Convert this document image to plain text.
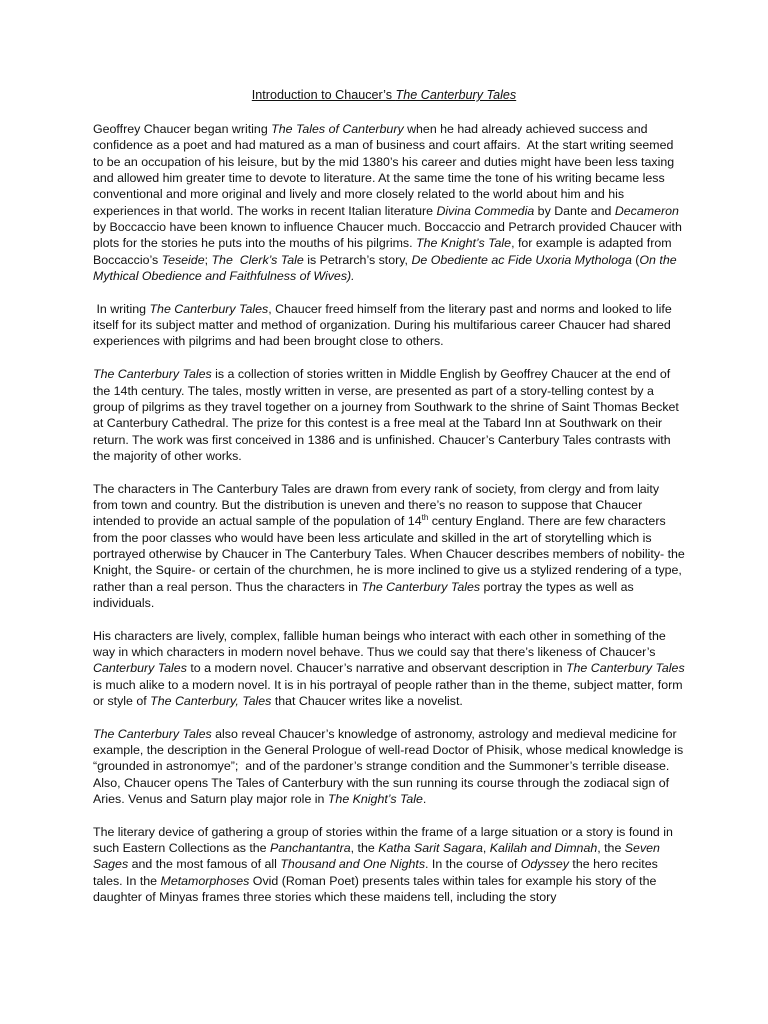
Introduction to Chaucer’s The Canterbury Tales

Geoffrey Chaucer began writing The Tales of Canterbury when he had already achieved success and confidence as a poet and had matured as a man of business and court affairs.  At the start writing seemed to be an occupation of his leisure, but by the mid 1380’s his career and duties might have been less taxing and allowed him greater time to devote to literature. At the same time the tone of his writing became less conventional and more original and lively and more closely related to the world about him and his experiences in that world. The works in recent Italian literature Divina Commedia by Dante and Decameron by Boccaccio have been known to influence Chaucer much. Boccaccio and Petrarch provided Chaucer with plots for the stories he puts into the mouths of his pilgrims. The Knight’s Tale, for example is adapted from Boccaccio’s Teseide; The  Clerk’s Tale is Petrarch’s story, De Obediente ac Fide Uxoria Mythologa (On the Mythical Obedience and Faithfulness of Wives).

In writing The Canterbury Tales, Chaucer freed himself from the literary past and norms and looked to life itself for its subject matter and method of organization. During his multifarious career Chaucer had shared experiences with pilgrims and had been brought close to others.

The Canterbury Tales is a collection of stories written in Middle English by Geoffrey Chaucer at the end of the 14th century. The tales, mostly written in verse, are presented as part of a story-telling contest by a group of pilgrims as they travel together on a journey from Southwark to the shrine of Saint Thomas Becket at Canterbury Cathedral. The prize for this contest is a free meal at the Tabard Inn at Southwark on their return. The work was first conceived in 1386 and is unfinished. Chaucer’s Canterbury Tales contrasts with the majority of other works.

The characters in The Canterbury Tales are drawn from every rank of society, from clergy and from laity from town and country. But the distribution is uneven and there’s no reason to suppose that Chaucer intended to provide an actual sample of the population of 14th century England. There are few characters from the poor classes who would have been less articulate and skilled in the art of storytelling which is portrayed otherwise by Chaucer in The Canterbury Tales. When Chaucer describes members of nobility- the Knight, the Squire- or certain of the churchmen, he is more inclined to give us a stylized rendering of a type, rather than a real person. Thus the characters in The Canterbury Tales portray the types as well as individuals.

His characters are lively, complex, fallible human beings who interact with each other in something of the way in which characters in modern novel behave. Thus we could say that there’s likeness of Chaucer’s Canterbury Tales to a modern novel. Chaucer’s narrative and observant description in The Canterbury Tales is much alike to a modern novel. It is in his portrayal of people rather than in the theme, subject matter, form or style of The Canterbury, Tales that Chaucer writes like a novelist.

The Canterbury Tales also reveal Chaucer’s knowledge of astronomy, astrology and medieval medicine for example, the description in the General Prologue of well-read Doctor of Phisik, whose medical knowledge is “grounded in astronomye”;  and of the pardoner’s strange condition and the Summoner’s terrible disease. Also, Chaucer opens The Tales of Canterbury with the sun running its course through the zodiacal sign of Aries. Venus and Saturn play major role in The Knight’s Tale.

The literary device of gathering a group of stories within the frame of a large situation or a story is found in such Eastern Collections as the Panchantantra, the Katha Sarit Sagara, Kalilah and Dimnah, the Seven Sages and the most famous of all Thousand and One Nights. In the course of Odyssey the hero recites tales. In the Metamorphoses Ovid (Roman Poet) presents tales within tales for example his story of the daughter of Minyas frames three stories which these maidens tell, including the story
